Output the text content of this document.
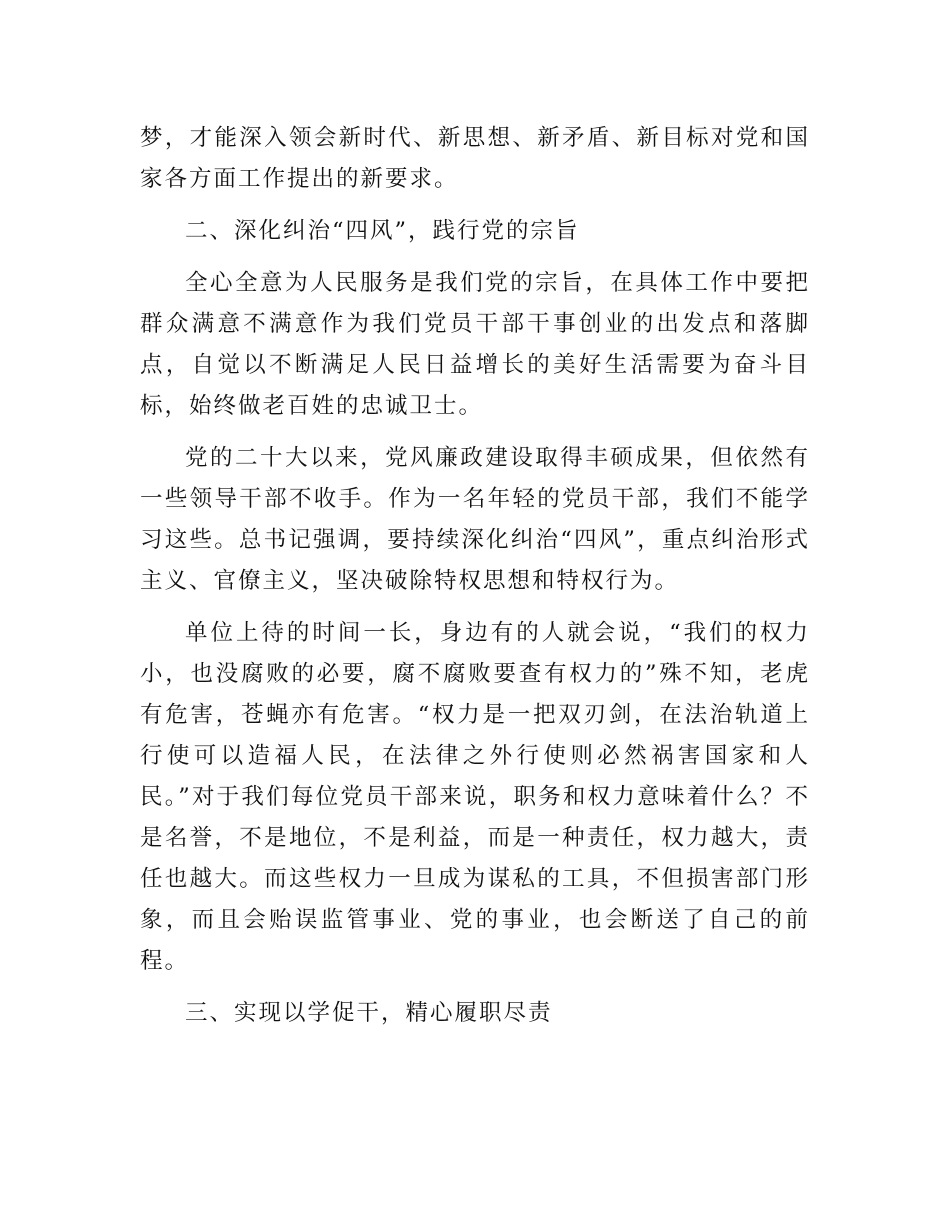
梦，才能深入领会新时代、新思想、新矛盾、新目标对党和国家各方面工作提出的新要求。

二、深化纠治“四风”，践行党的宗旨

全心全意为人民服务是我们党的宗旨，在具体工作中要把群众满意不满意作为我们党员干部干事创业的出发点和落脚点，自觉以不断满足人民日益增长的美好生活需要为奋斗目标，始终做老百姓的忠诚卫士。

党的二十大以来，党风廉政建设取得丰硕成果，但依然有一些领导干部不收手。作为一名年轻的党员干部，我们不能学习这些。总书记强调，要持续深化纠治“四风”，重点纠治形式主义、官僚主义，坚决破除特权思想和特权行为。

单位上待的时间一长，身边有的人就会说，“我们的权力小，也没腐败的必要，腐不腐败要查有权力的”殊不知，老虎有危害，苍蝇亦有危害。“权力是一把双刃剑，在法治轨道上行使可以造福人民，在法律之外行使则必然祸害国家和人民。”对于我们每位党员干部来说，职务和权力意味着什么？不是名誉，不是地位，不是利益，而是一种责任，权力越大，责任也越大。而这些权力一旦成为谋私的工具，不但损害部门形象，而且会贻误监管事业、党的事业，也会断送了自己的前程。

三、实现以学促干，精心履职尽责
